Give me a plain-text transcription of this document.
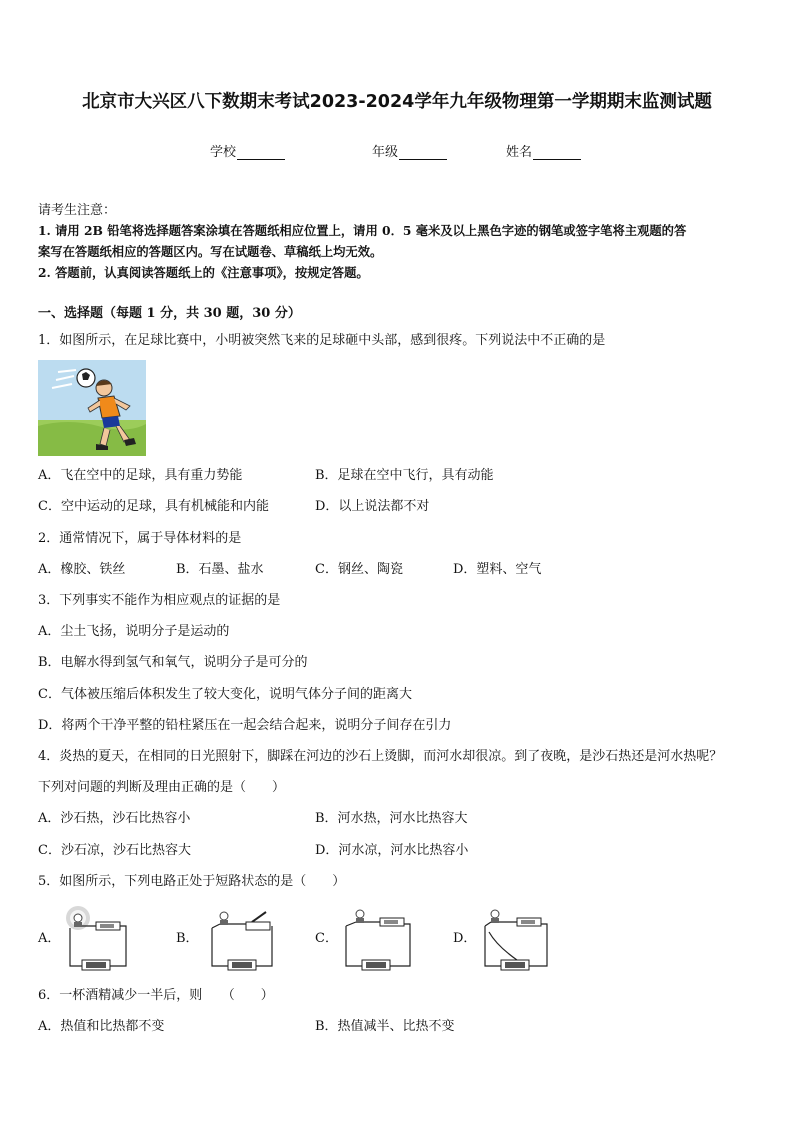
北京市大兴区八下数期末考试2023-2024学年九年级物理第一学期期末监测试题
学校	年级	姓名
请考生注意：
1. 请用 2B 铅笔将选择题答案涂填在答题纸相应位置上，请用 0．5 毫米及以上黑色字迹的钢笔或签字笔将主观题的答
案写在答题纸相应的答题区内。写在试题卷、草稿纸上均无效。
2. 答题前，认真阅读答题纸上的《注意事项》，按规定答题。
一、选择题（每题 1 分，共 30 题，30 分）
1．如图所示，在足球比赛中，小明被突然飞来的足球砸中头部，感到很疼。下列说法中不正确的是
A．飞在空中的足球，具有重力势能	B．足球在空中飞行，具有动能
C．空中运动的足球，具有机械能和内能	D．以上说法都不对
2．通常情况下，属于导体材料的是
A．橡胶、铁丝	B．石墨、盐水	C．钢丝、陶瓷	D．塑料、空气
3．下列事实不能作为相应观点的证据的是
A．尘土飞扬，说明分子是运动的
B．电解水得到氢气和氧气，说明分子是可分的
C．气体被压缩后体积发生了较大变化，说明气体分子间的距离大
D．将两个干净平整的铅柱紧压在一起会结合起来，说明分子间存在引力
4．炎热的夏天，在相同的日光照射下，脚踩在河边的沙石上烫脚，而河水却很凉。到了夜晚，是沙石热还是河水热呢？
下列对问题的判断及理由正确的是（　　）
A．沙石热，沙石比热容小	B．河水热，河水比热容大
C．沙石凉，沙石比热容大	D．河水凉，河水比热容小
5．如图所示，下列电路正处于短路状态的是（　　）
A．	B．	C．	D．
6．一杯酒精减少一半后，则　　（　　）
A．热值和比热都不变	B．热值减半、比热不变
